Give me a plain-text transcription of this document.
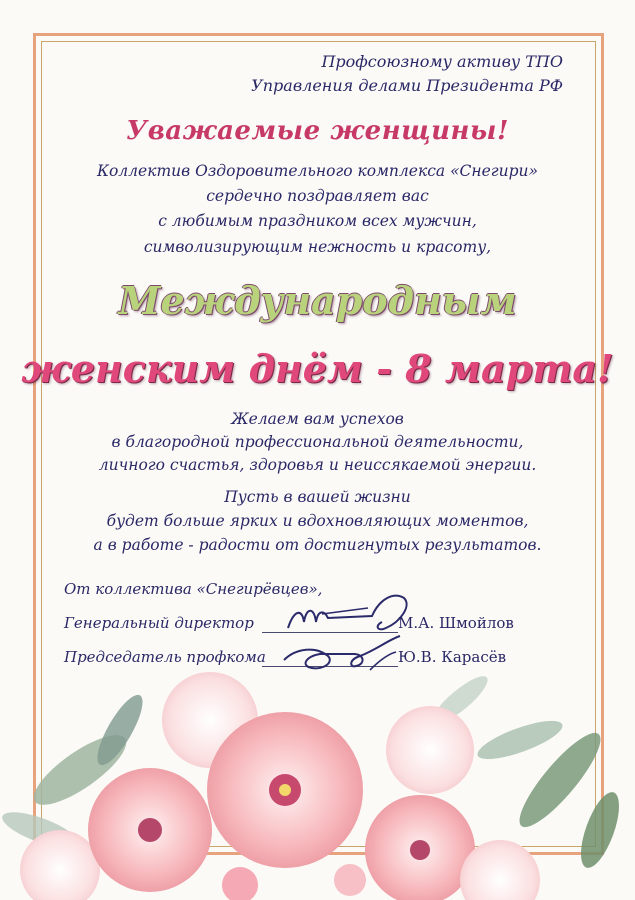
Профсоюзному активу ТПО
Управления делами Президента РФ
Уважаемые женщины!
Коллектив Оздоровительного комплекса «Снегири»
сердечно поздравляет вас
с любимым праздником всех мужчин,
символизирующим нежность и красоту,
Международным
женским днём - 8 марта!
Желаем вам успехов
в благородной профессиональной деятельности,
личного счастья, здоровья и неиссякаемой энергии.
Пусть в вашей жизни
будет больше ярких и вдохновляющих моментов,
а в работе - радости от достигнутых результатов.
От коллектива «Снегирёвцев»,
Генеральный директор	М.А. Шмойлов
Председатель профкома	Ю.В. Карасёв
